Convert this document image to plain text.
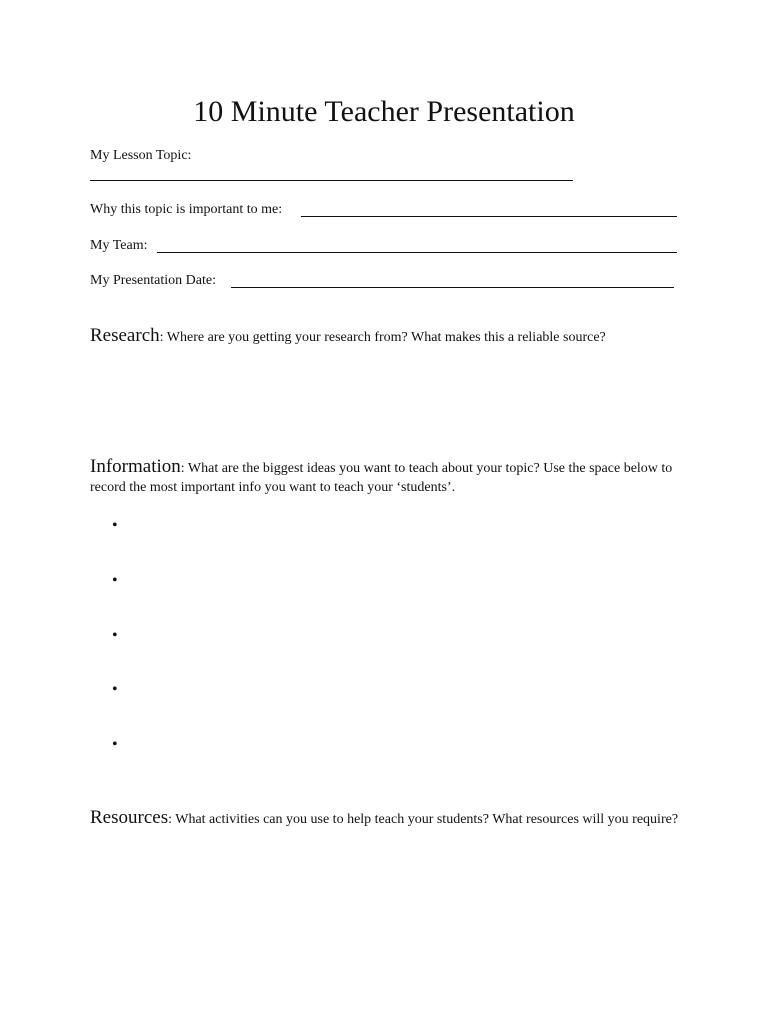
10 Minute Teacher Presentation
My Lesson Topic:
Why this topic is important to me:
My Team:
My Presentation Date:
Research: Where are you getting your research from? What makes this a reliable source?
Information: What are the biggest ideas you want to teach about your topic? Use the space below to record the most important info you want to teach your ‘students’.
•
•
•
•
•
Resources: What activities can you use to help teach your students? What resources will you require?
